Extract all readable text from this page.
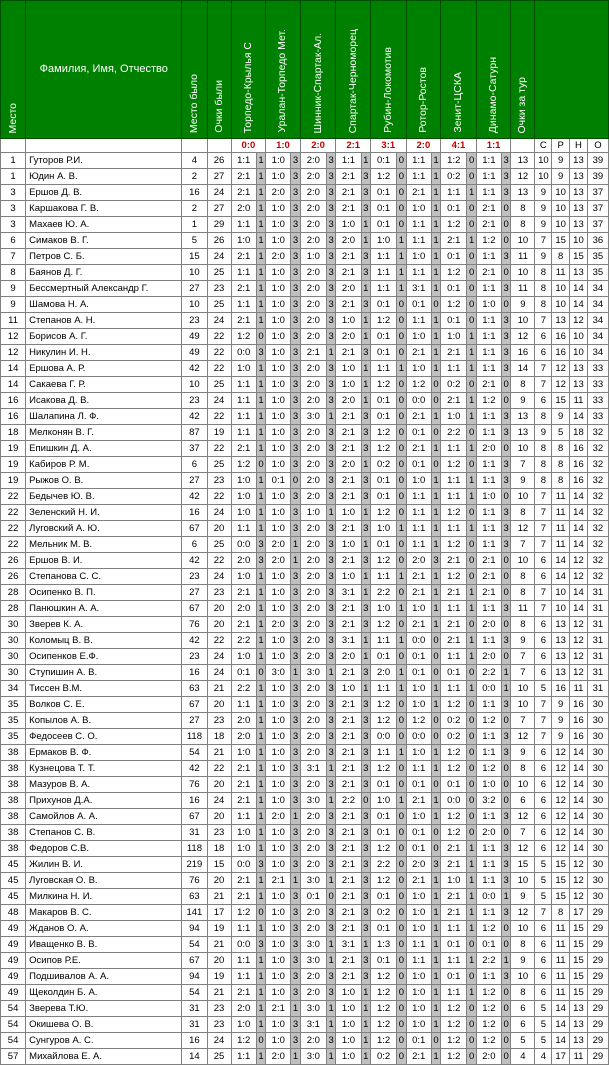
Место	Фамилия, Имя, Отчество	Место было	Очки были	Торпедо-Крылья С		Уралан-Торпедо Мет.		Шинник-Спартак-Ал.		Спартак-Черноморец		Рубин-Локомотив		Ротор-Ростов		Зенит-ЦСКА		Динамо-Сатурн		Очки за тур				
				0:0		1:0		2:0		2:1		3:1		2:0		4:1		1:1			С	Р	Н	О
1	Гуторов Р.И.	4	26	1:1	1	1:0	3	2:0	3	1:1	1	0:1	0	1:1	1	1:2	0	1:1	3	13	10	9	13	39
1	Юдин А. В.	2	27	2:1	1	1:0	3	2:0	3	2:1	3	1:2	0	1:1	1	0:2	0	1:1	3	12	10	9	13	39
3	Ершов Д. В.	16	24	2:1	1	2:0	3	2:0	3	2:1	3	0:1	0	2:1	1	1:1	1	1:1	3	13	9	10	13	37
3	Каршакова Г. В.	2	27	2:0	1	1:0	3	2:0	3	2:1	3	0:1	0	1:0	1	0:1	0	2:1	0	8	9	10	13	37
3	Махаев Ю. А.	1	29	1:1	1	1:0	3	2:0	3	1:0	1	0:1	0	1:1	1	1:2	0	2:1	0	8	9	10	13	37
6	Симаков В. Г.	5	26	1:0	1	1:0	3	2:0	3	2:0	1	1:0	1	1:1	1	2:1	1	1:2	0	10	7	15	10	36
7	Петров С. Б.	15	24	2:1	1	2:0	3	1:0	3	2:1	3	1:1	1	1:0	1	0:1	0	1:1	3	11	9	8	15	35
8	Баянов Д. Г.	10	25	1:1	1	1:0	3	2:0	3	2:1	3	1:1	1	1:1	1	1:2	0	2:1	0	10	8	11	13	35
9	Бессмертный Александр Г.	27	23	2:1	1	1:0	3	2:0	3	2:0	1	1:1	1	3:1	1	0:1	0	1:1	3	11	8	10	14	34
9	Шамова Н. А.	10	25	1:1	1	1:0	3	2:0	3	2:1	3	0:1	0	0:1	0	1:2	0	1:0	0	9	8	10	14	34
11	Степанов А. Н.	23	24	2:1	1	1:0	3	2:0	3	1:0	1	1:2	0	1:1	1	0:1	0	1:1	3	10	7	13	12	34
12	Борисов А. Г.	49	22	1:2	0	1:0	3	2:0	3	2:0	1	0:1	0	1:0	1	1:0	1	1:1	3	12	6	16	10	34
12	Никулин И. Н.	49	22	0:0	3	1:0	3	2:1	1	2:1	3	0:1	0	2:1	1	2:1	1	1:1	3	16	6	16	10	34
14	Ершова А. Р.	42	22	1:0	1	1:0	3	2:0	3	1:0	1	1:1	1	1:0	1	1:1	1	1:1	3	14	7	12	13	33
14	Сакаева Г. Р.	10	25	1:1	1	1:0	3	2:0	3	1:0	1	1:2	0	1:2	0	0:2	0	2:1	0	8	7	12	13	33
16	Исакова Д. В.	23	24	1:1	1	1:0	3	2:0	3	2:0	1	0:1	0	0:0	0	2:1	1	1:2	0	9	6	15	11	33
16	Шалапина Л. Ф.	42	22	1:1	1	1:0	3	3:0	1	2:1	3	0:1	0	2:1	1	1:0	1	1:1	3	13	8	9	14	33
18	Мелконян В. Г.	87	19	1:1	1	1:0	3	2:0	3	2:1	3	1:2	0	0:1	0	2:2	0	1:1	3	13	9	5	18	32
19	Епишкин Д. А.	37	22	2:1	1	1:0	3	2:0	3	2:1	3	1:2	0	2:1	1	1:1	1	2:0	0	10	8	8	16	32
19	Кабиров Р. М.	6	25	1:2	0	1:0	3	2:0	3	2:0	1	0:2	0	0:1	0	1:2	0	1:1	3	7	8	8	16	32
19	Рыжов О. В.	27	23	1:0	1	0:1	0	2:0	3	2:1	3	0:1	0	1:0	1	1:1	1	1:1	3	9	8	8	16	32
22	Бедычев Ю. В.	42	22	1:0	1	1:0	3	2:0	3	2:1	3	0:1	0	1:1	1	1:1	1	1:0	0	10	7	11	14	32
22	Зеленский Н. И.	16	24	1:0	1	1:0	3	1:0	1	1:0	1	1:2	0	1:1	1	1:2	0	1:1	3	8	7	11	14	32
22	Луговский А. Ю.	67	20	1:1	1	1:0	3	2:0	3	2:1	3	1:0	1	1:1	1	1:1	1	1:1	3	12	7	11	14	32
22	Мельник М. В.	6	25	0:0	3	2:0	1	2:0	3	1:0	1	0:1	0	1:1	1	1:2	0	1:1	3	7	7	11	14	32
26	Ершов В. И.	42	22	2:0	3	2:0	1	2:0	3	2:1	3	1:2	0	2:0	3	2:1	0	2:1	0	10	6	14	12	32
26	Степанова С. С.	23	24	1:0	1	1:0	3	2:0	3	1:0	1	1:1	1	2:1	1	1:2	0	2:1	0	8	6	14	12	32
28	Осипенко В. П.	27	23	2:1	1	1:0	3	2:0	3	3:1	1	2:2	0	2:1	1	2:1	1	2:1	0	8	7	10	14	31
28	Панюшкин А. А.	67	20	2:0	1	1:0	3	2:0	3	2:1	3	1:0	1	1:0	1	1:1	1	1:1	3	11	7	10	14	31
30	Зверев К. А.	76	20	2:1	1	2:0	3	2:0	3	2:1	3	1:2	0	2:1	1	2:1	0	2:0	0	8	6	13	12	31
30	Коломыц В. В.	42	22	2:2	1	1:0	3	2:0	3	3:1	1	1:1	1	0:0	0	2:1	1	1:1	3	9	6	13	12	31
30	Осипенков Е.Ф.	23	24	1:0	1	1:0	3	2:0	3	2:0	1	0:1	0	0:1	0	1:1	1	2:0	0	7	6	13	12	31
30	Ступишин А. В.	16	24	0:1	0	3:0	1	3:0	1	2:1	3	2:0	1	0:1	0	0:1	0	2:2	1	7	6	13	12	31
34	Тиссен В.М.	63	21	2:2	1	1:0	3	2:0	3	1:0	1	1:1	1	1:0	1	1:1	1	0:0	1	10	5	16	11	31
35	Волков С. Е.	67	20	1:1	1	1:0	3	2:0	3	2:1	3	1:2	0	1:0	1	1:2	0	1:1	3	10	7	9	16	30
35	Копылов А. В.	27	23	2:0	1	1:0	3	2:0	3	2:1	3	1:2	0	1:2	0	0:2	0	1:2	0	7	7	9	16	30
35	Федосеев С. О.	118	18	2:0	1	1:0	3	2:0	3	2:1	3	0:0	0	0:0	0	0:2	0	1:1	3	12	7	9	16	30
38	Ермаков В. Ф.	54	21	1:0	1	1:0	3	2:0	3	2:1	3	1:1	1	1:0	1	1:2	0	1:1	3	9	6	12	14	30
38	Кузнецова Т. Т.	42	22	2:1	1	1:0	3	3:1	1	2:1	3	1:2	0	1:1	1	1:2	0	1:2	0	8	6	12	14	30
38	Мазуров В. А.	76	20	2:1	1	1:0	3	2:0	3	2:1	3	0:1	0	0:1	0	0:1	0	1:0	0	10	6	12	14	30
38	Прихунов Д.А.	16	24	2:1	1	1:0	3	3:0	1	2:2	0	1:0	1	2:1	1	0:0	0	3:2	0	6	6	12	14	30
38	Самойлов А. А.	67	20	1:1	1	2:0	1	2:0	3	2:1	3	0:1	0	1:0	1	1:2	0	1:1	3	12	6	12	14	30
38	Степанов С. В.	31	23	1:0	1	1:0	3	2:0	3	2:1	3	0:1	0	0:1	0	1:2	0	2:0	0	7	6	12	14	30
38	Федоров С.В.	118	18	1:0	1	1:0	3	2:0	3	2:1	3	1:2	0	0:1	0	2:1	1	1:1	3	12	6	12	14	30
45	Жилин В. И.	219	15	0:0	3	1:0	3	2:0	3	2:1	3	2:2	0	2:0	3	2:1	1	1:1	3	15	5	15	12	30
45	Луговская О. В.	76	20	2:1	1	2:1	1	3:0	1	2:1	3	1:2	0	2:1	1	1:0	1	1:1	3	10	5	15	12	30
45	Милкина Н. И.	63	21	2:1	1	1:0	3	0:1	0	2:1	3	0:1	0	1:0	1	2:1	1	0:0	1	9	5	15	12	30
48	Макаров В. С.	141	17	1:2	0	1:0	3	2:0	3	2:1	3	0:2	0	1:0	1	2:1	1	1:1	3	12	7	8	17	29
49	Жданов О. А.	94	19	1:1	1	1:0	3	2:0	3	2:1	3	0:1	0	1:0	1	1:1	1	1:2	0	10	6	11	15	29
49	Иващенко В. В.	54	21	0:0	3	1:0	3	3:0	1	3:1	1	1:3	0	1:1	1	0:1	0	0:1	0	8	6	11	15	29
49	Осипов Р.Е.	67	20	1:1	1	1:0	3	3:0	1	2:1	3	0:1	0	1:1	1	1:1	1	2:2	1	9	6	11	15	29
49	Подшивалов А. А.	94	19	1:1	1	1:0	3	2:0	3	2:1	3	1:2	0	1:0	1	0:1	0	1:1	3	10	6	11	15	29
49	Щеколдин Б. А.	54	21	2:1	1	1:0	3	2:0	3	1:0	1	1:2	0	1:0	1	1:1	1	1:2	0	8	6	11	15	29
54	Зверева Т.Ю.	31	23	2:0	1	2:1	1	3:0	1	1:0	1	1:2	0	1:0	1	1:2	0	1:2	0	6	5	14	13	29
54	Окишева О. В.	31	23	1:0	1	1:0	3	3:1	1	1:0	1	1:2	0	1:0	1	1:2	0	1:2	0	6	5	14	13	29
54	Сунгуров А. С.	16	24	1:2	0	1:0	3	2:0	3	1:0	1	1:2	0	0:1	0	1:2	0	1:2	0	5	5	14	13	29
57	Михайлова Е. А.	14	25	1:1	1	2:0	1	3:0	1	1:0	1	0:2	0	2:1	1	1:2	0	2:0	0	4	4	17	11	29
